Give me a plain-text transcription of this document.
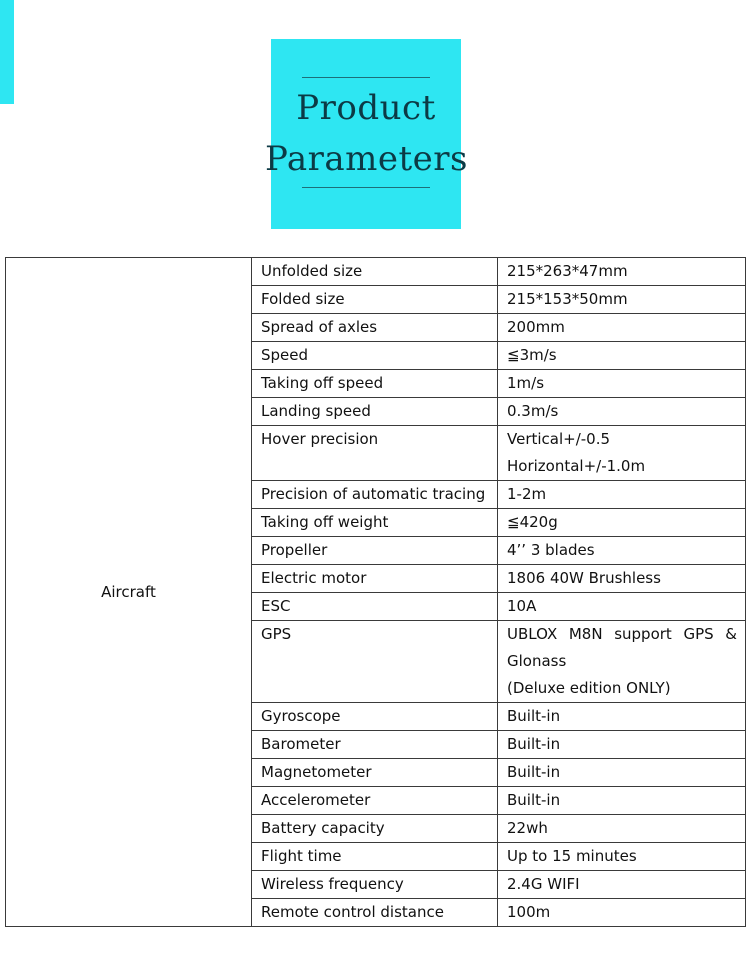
Product
Parameters
Aircraft	Unfolded size	215*263*47mm

	Folded size	215*153*50mm

	Spread of axles	200mm

	Speed	≦3m/s

	Taking off speed	1m/s

	Landing speed	0.3m/s

	Hover precision	Vertical+/-0.5
Horizontal+/-1.0m

	Precision of automatic tracing	1-2m

	Taking off weight	≦420g

	Propeller	4’’ 3 blades

	Electric motor	1806 40W Brushless

	ESC	10A

	GPS	UBLOX M8N support GPS &
Glonass
(Deluxe edition ONLY)

	Gyroscope	Built-in

	Barometer	Built-in

	Magnetometer	Built-in

	Accelerometer	Built-in

	Battery capacity	22wh

	Flight time	Up to 15 minutes

	Wireless frequency	2.4G WIFI

	Remote control distance	100m
